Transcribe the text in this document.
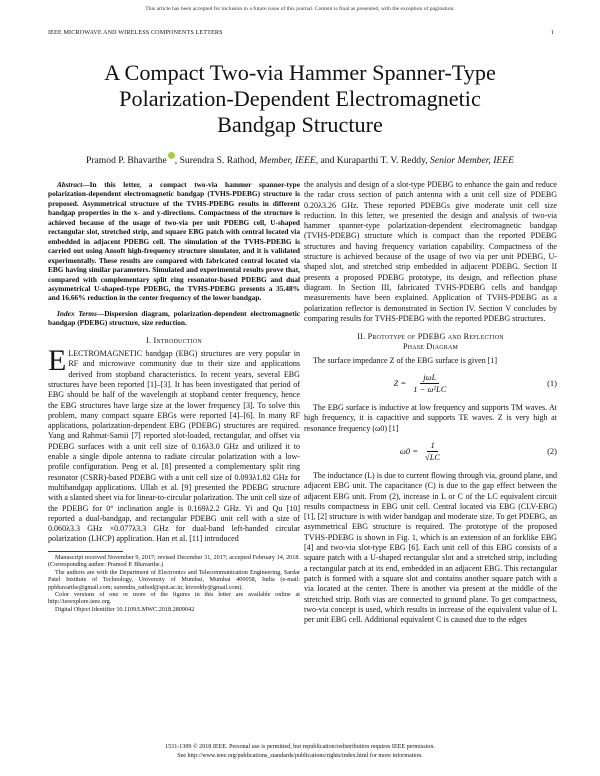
This article has been accepted for inclusion in a future issue of this journal. Content is final as presented, with the exception of pagination.
IEEE MICROWAVE AND WIRELESS COMPONENTS LETTERS	1
A Compact Two-via Hammer Spanner-Type
Polarization-Dependent Electromagnetic
Bandgap Structure
Pramod P. Bhavarthe , Surendra S. Rathod, Member, IEEE, and Kuraparthi T. V. Reddy, Senior Member, IEEE

Abstract—In this letter, a compact two-via hammer spanner-type polarization-dependent electromagnetic bandgap (TVHS-PDEBG) structure is proposed. Asymmetrical structure of the TVHS-PDEBG results in different bandgap properties in the x- and y-directions. Compactness of the structure is achieved because of the usage of two-via per unit PDEBG cell, U-shaped rectangular slot, stretched strip, and square EBG patch with central located via embedded in adjacent PDEBG cell. The simulation of the TVHS-PDEBG is carried out using Ansoft high-frequency structure simulator, and it is validated experimentally. These results are compared with fabricated central located via EBG having similar parameters. Simulated and experimental results prove that, compared with complementary split ring resonator-based PDEBG and dual asymmetrical U-shaped-type PDEBG, the TVHS-PDEBG presents a 35.48% and 16.66% reduction in the center frequency of the lower bandgap.

Index Terms—Dispersion diagram, polarization-dependent electromagnetic bandgap (PDEBG) structure, size reduction.

I. Introduction

ELECTROMAGNETIC bandgap (EBG) structures are very popular in RF and microwave community due to their size and applications derived from stopband characteristics. In recent years, several EBG structures have been reported [1]–[3]. It has been investigated that period of EBG should be half of the wavelength at stopband center frequency, hence the EBG structures have large size at the lower frequency [3]. To solve this problem, many compact square EBGs were reported [4]–[6]. In many RF applications, polarization-dependent EBG (PDEBG) structures are required. Yang and Rahmat-Samii [7] reported slot-loaded, rectangular, and offset via PDEBG surfaces with a unit cell size of 0.16λ3.0 GHz and utilized it to enable a single dipole antenna to radiate circular polarization with a low-profile configuration. Peng et al. [8] presented a complementary split ring resonator (CSRR)-based PDEBG with a unit cell size of 0.093λ1.82 GHz for multibandgap applications. Ullah et al. [9] presented the PDEBG structure with a slanted sheet via for linear-to-circular polarization. The unit cell size of the PDEBG for 0° inclination angle is 0.169λ2.2 GHz. Yi and Qu [10] reported a dual-bandgap, and rectangular PDEBG unit cell with a size of 0.060λ3.3 GHz ×0.077λ3.3 GHz for dual-band left-handed circular polarization (LHCP) application. Han et al. [11] introduced

Manuscript received November 9, 2017; revised December 31, 2017; accepted February 14, 2018. (Corresponding author: Pramod P. Bhavarthe.)

The authors are with the Department of Electronics and Telecommunication Engineering, Sardar Patel Institute of Technology, University of Mumbai, Mumbai 400058, India (e-mail: ppbhavarthe@gmail.com; surendra_rathod@spit.ac.in; ktvreddy@gmail.com).

Color versions of one or more of the figures in this letter are available online at http://ieeexplore.ieee.org.

Digital Object Identifier 10.1109/LMWC.2018.2809042

the analysis and design of a slot-type PDEBG to enhance the gain and reduce the radar cross section of patch antenna with a unit cell size of PDEBG 0.20λ3.26 GHz. These reported PDEBGs give moderate unit cell size reduction. In this letter, we presented the design and analysis of two-via hammer spanner-type polarization-dependent electromagnetic bandgap (TVHS-PDEBG) structure which is compact than the reported PDEBG structures and having frequency variation capability. Compactness of the structure is achieved because of the usage of two via per unit PDEBG, U-shaped slot, and stretched strip embedded in adjacent PDEBG. Section II presents a proposed PDEBG prototype, its design, and reflection phase diagram. In Section III, fabricated TVHS-PDEBG cells and bandgap measurements have been explained. Application of TVHS-PDEBG as a polarization reflector is demonstrated in Section IV. Section V concludes by comparing results for TVHS-PDEBG with the reported PDEBG structures.

II. Prototype of PDEBG and Reflection
Phase Diagram

The surface impedance Z of the EBG surface is given [1]

$Z = \frac{\text{jωL}}{\text{1 − ω²LC}}$	(1)

The EBG surface is inductive at low frequency and supports TM waves. At high frequency, it is capacitive and supports TE waves. Z is very high at resonance frequency (ω0) [1]

$\omega 0 = \frac{1}{√LC}$	(2)

The inductance (L) is due to current flowing through via, ground plane, and adjacent EBG unit. The capacitance (C) is due to the gap effect between the adjacent EBG unit. From (2), increase in L or C of the LC equivalent circuit results compactness in EBG unit cell. Central located via EBG (CLV-EBG) [1], [2] structure is with wider bandgap and moderate size. To get PDEBG, an asymmetrical EBG structure is required. The prototype of the proposed TVHS-PDEBG is shown in Fig. 1, which is an extension of an forklike EBG [4] and two-via slot-type EBG [6]. Each unit cell of this EBG consists of a square patch with a U-shaped rectangular slot and a stretched strip, including a rectangular patch at its end, embedded in an adjacent EBG. This rectangular patch is formed with a square slot and contains another square patch with a via located at the center. There is another via present at the middle of the stretched strip. Both vias are connected to ground plane. To get compactness, two-via concept is used, which results in increase of the equivalent value of L per unit EBG cell. Additional equivalent C is caused due to the edges

1531-1309 © 2018 IEEE. Personal use is permitted, but republication/redistribution requires IEEE permission.
See http://www.ieee.org/publications_standards/publications/rights/index.html for more information.
